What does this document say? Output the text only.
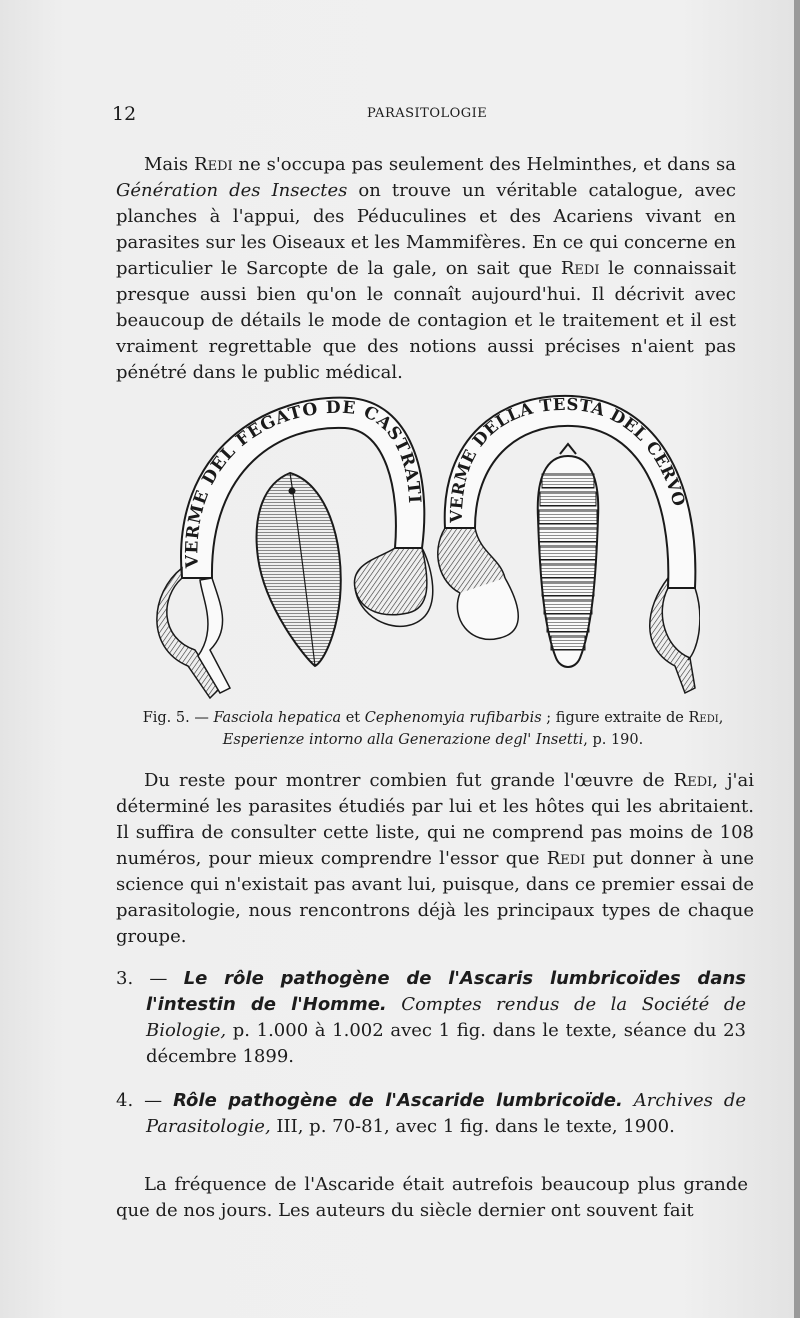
12	PARASITOLOGIE

Mais Redi ne s'occupa pas seulement des Helminthes, et dans sa Génération des Insectes on trouve un véritable catalogue, avec planches à l'appui, des Péduculines et des Acariens vivant en parasites sur les Oiseaux et les Mammifères. En ce qui concerne en particulier le Sarcopte de la gale, on sait que Redi le connaissait presque aussi bien qu'on le connaît aujourd'hui. Il décrivit avec beaucoup de détails le mode de contagion et le traitement et il est vraiment regrettable que des notions aussi précises n'aient pas pénétré dans le public médical.

VERME DEL FEGATO DE CASTRATI
VERME DELLA TESTA DEL CERVO
Fig. 5. — Fasciola hepatica et Cephenomyia rufibarbis ; figure extraite de Redi,
Esperienze intorno alla Generazione degl' Insetti, p. 190.

Du reste pour montrer combien fut grande l'œuvre de Redi, j'ai déterminé les parasites étudiés par lui et les hôtes qui les abritaient. Il suffira de consulter cette liste, qui ne comprend pas moins de 108 numéros, pour mieux comprendre l'essor que Redi put donner à une science qui n'existait pas avant lui, puisque, dans ce premier essai de parasitologie, nous rencontrons déjà les principaux types de chaque groupe.

3. — Le rôle pathogène de l'Ascaris lumbricoïdes dans l'intestin de l'Homme. Comptes rendus de la Société de Biologie, p. 1.000 à 1.002 avec 1 fig. dans le texte, séance du 23 décembre 1899.

4. — Rôle pathogène de l'Ascaride lumbricoïde. Archives de Parasitologie, III, p. 70-81, avec 1 fig. dans le texte, 1900.

La fréquence de l'Ascaride était autrefois beaucoup plus grande que de nos jours. Les auteurs du siècle dernier ont souvent fait
